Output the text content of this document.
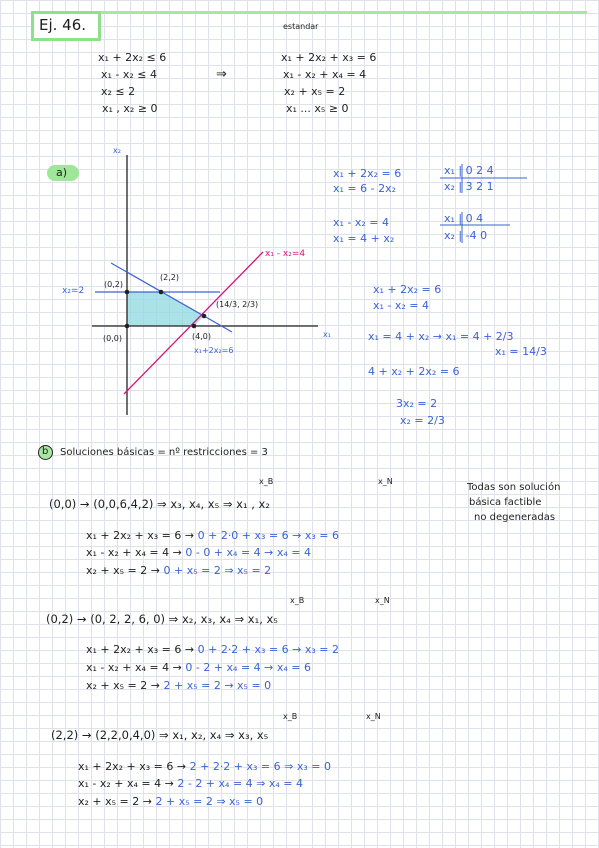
Ej. 46.	estandar
x₁ + 2x₂ ≤ 6
x₁ - x₂ ≤ 4
x₂ ≤ 2
x₁ , x₂ ≥ 0
⇒
x₁ + 2x₂ + x₃ = 6
x₁ - x₂ + x₄ = 4
x₂ + x₅ = 2
x₁ ... x₅ ≥ 0
a)
x₂
x₁
x₂=2
x₁ - x₂=4
x₁+2x₂=6
(0,2)
(2,2)
(0,0)	(4,0)
(14/3, 2/3)
x₁ + 2x₂ = 6
x₁ = 6 - 2x₂
x₁ | 0 2 4
x₂ | 3 2 1
x₁ - x₂ = 4
x₁ = 4 + x₂
x₁ | 0 4
x₂ | -4 0
x₁ + 2x₂ = 6
x₁ - x₂ = 4
x₁ = 4 + x₂ → x₁ = 4 + 2/3
x₁ = 14/3
4 + x₂ + 2x₂ = 6
3x₂ = 2
x₂ = 2/3
b Soluciones básicas = nº restricciones = 3
Todas son solución
básica factible
no degeneradas
x_B	x_N
(0,0) → (0,0,6,4,2) ⇒ x₃, x₄, x₅ ⇒ x₁ , x₂
x₁ + 2x₂ + x₃ = 6 → 0 + 2·0 + x₃ = 6 → x₃ = 6
x₁ - x₂ + x₄ = 4 → 0 - 0 + x₄ = 4 → x₄ = 4
x₂ + x₅ = 2 → 0 + x₅ = 2 ⇒ x₅ = 2
x_B	x_N
(0,2) → (0, 2, 2, 6, 0) ⇒ x₂, x₃, x₄ ⇒ x₁, x₅
x₁ + 2x₂ + x₃ = 6 → 0 + 2·2 + x₃ = 6 → x₃ = 2
x₁ - x₂ + x₄ = 4 → 0 - 2 + x₄ = 4 → x₄ = 6
x₂ + x₅ = 2 → 2 + x₅ = 2 → x₅ = 0
x_B	x_N
(2,2) → (2,2,0,4,0) ⇒ x₁, x₂, x₄ ⇒ x₃, x₅
x₁ + 2x₂ + x₃ = 6 → 2 + 2·2 + x₃ = 6 ⇒ x₃ = 0
x₁ - x₂ + x₄ = 4 → 2 - 2 + x₄ = 4 ⇒ x₄ = 4
x₂ + x₅ = 2 → 2 + x₅ = 2 ⇒ x₅ = 0
